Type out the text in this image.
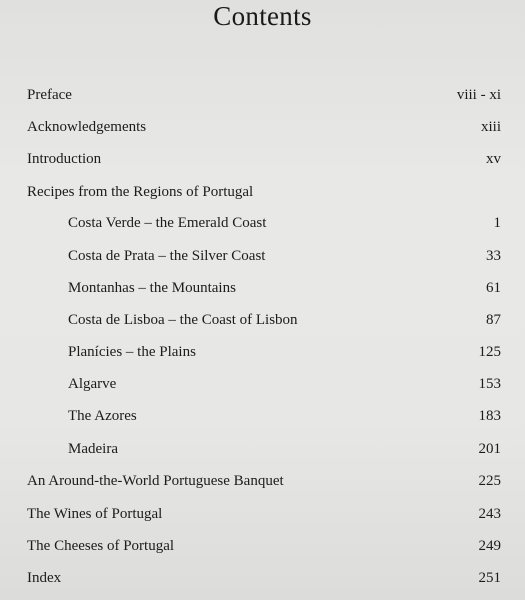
Contents
Preface	viii - xi
Acknowledgements	xiii
Introduction	xv
Recipes from the Regions of Portugal
Costa Verde – the Emerald Coast	1
Costa de Prata – the Silver Coast	33
Montanhas – the Mountains	61
Costa de Lisboa – the Coast of Lisbon	87
Planícies – the Plains	125
Algarve	153
The Azores	183
Madeira	201
An Around-the-World Portuguese Banquet	225
The Wines of Portugal	243
The Cheeses of Portugal	249
Index	251
